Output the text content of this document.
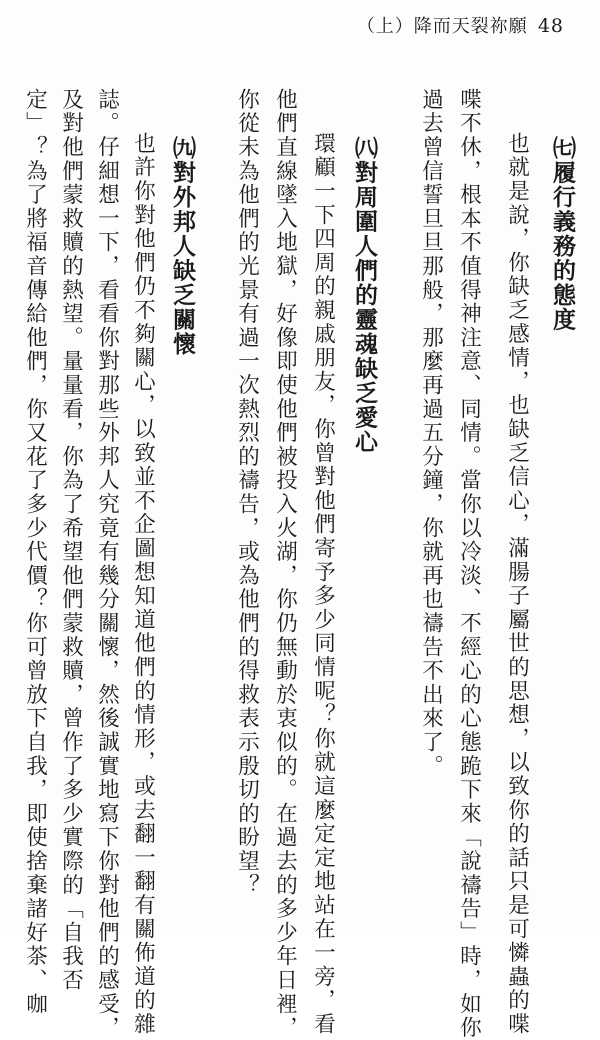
（上）降而天裂祢願 48
喋不休，根本不值得神注意、同情。當你以冷淡、不經心的心態跪下來「說禱告」時，如你
過去曾信誓旦旦那般，那麼再過五分鐘，你就再也禱告不出來了。	㈦履行義務的態度
也就是說，你缺乏感情，也缺乏信心，滿腸子屬世的思想，以致你的話只是可憐蟲的喋
㈧對周圍人們的靈魂缺乏愛心
環顧一下四周的親戚朋友，你曾對他們寄予多少同情呢？你就這麼定定地站在一旁，看
他們直線墜入地獄，好像即使他們被投入火湖，你仍無動於衷似的。在過去的多少年日裡，
你從未為他們的光景有過一次熱烈的禱告，或為他們的得救表示殷切的盼望？
㈨對外邦人缺乏關懷
也許你對他們仍不夠關心，以致並不企圖想知道他們的情形，或去翻一翻有關佈道的雜
誌。仔細想一下，看看你對那些外邦人究竟有幾分關懷，然後誠實地寫下你對他們的感受，
及對他們蒙救贖的熱望。量量看，你為了希望他們蒙救贖，曾作了多少實際的「自我否
定」？為了將福音傳給他們，你又花了多少代價？你可曾放下自我，即使捨棄諸好茶、咖
